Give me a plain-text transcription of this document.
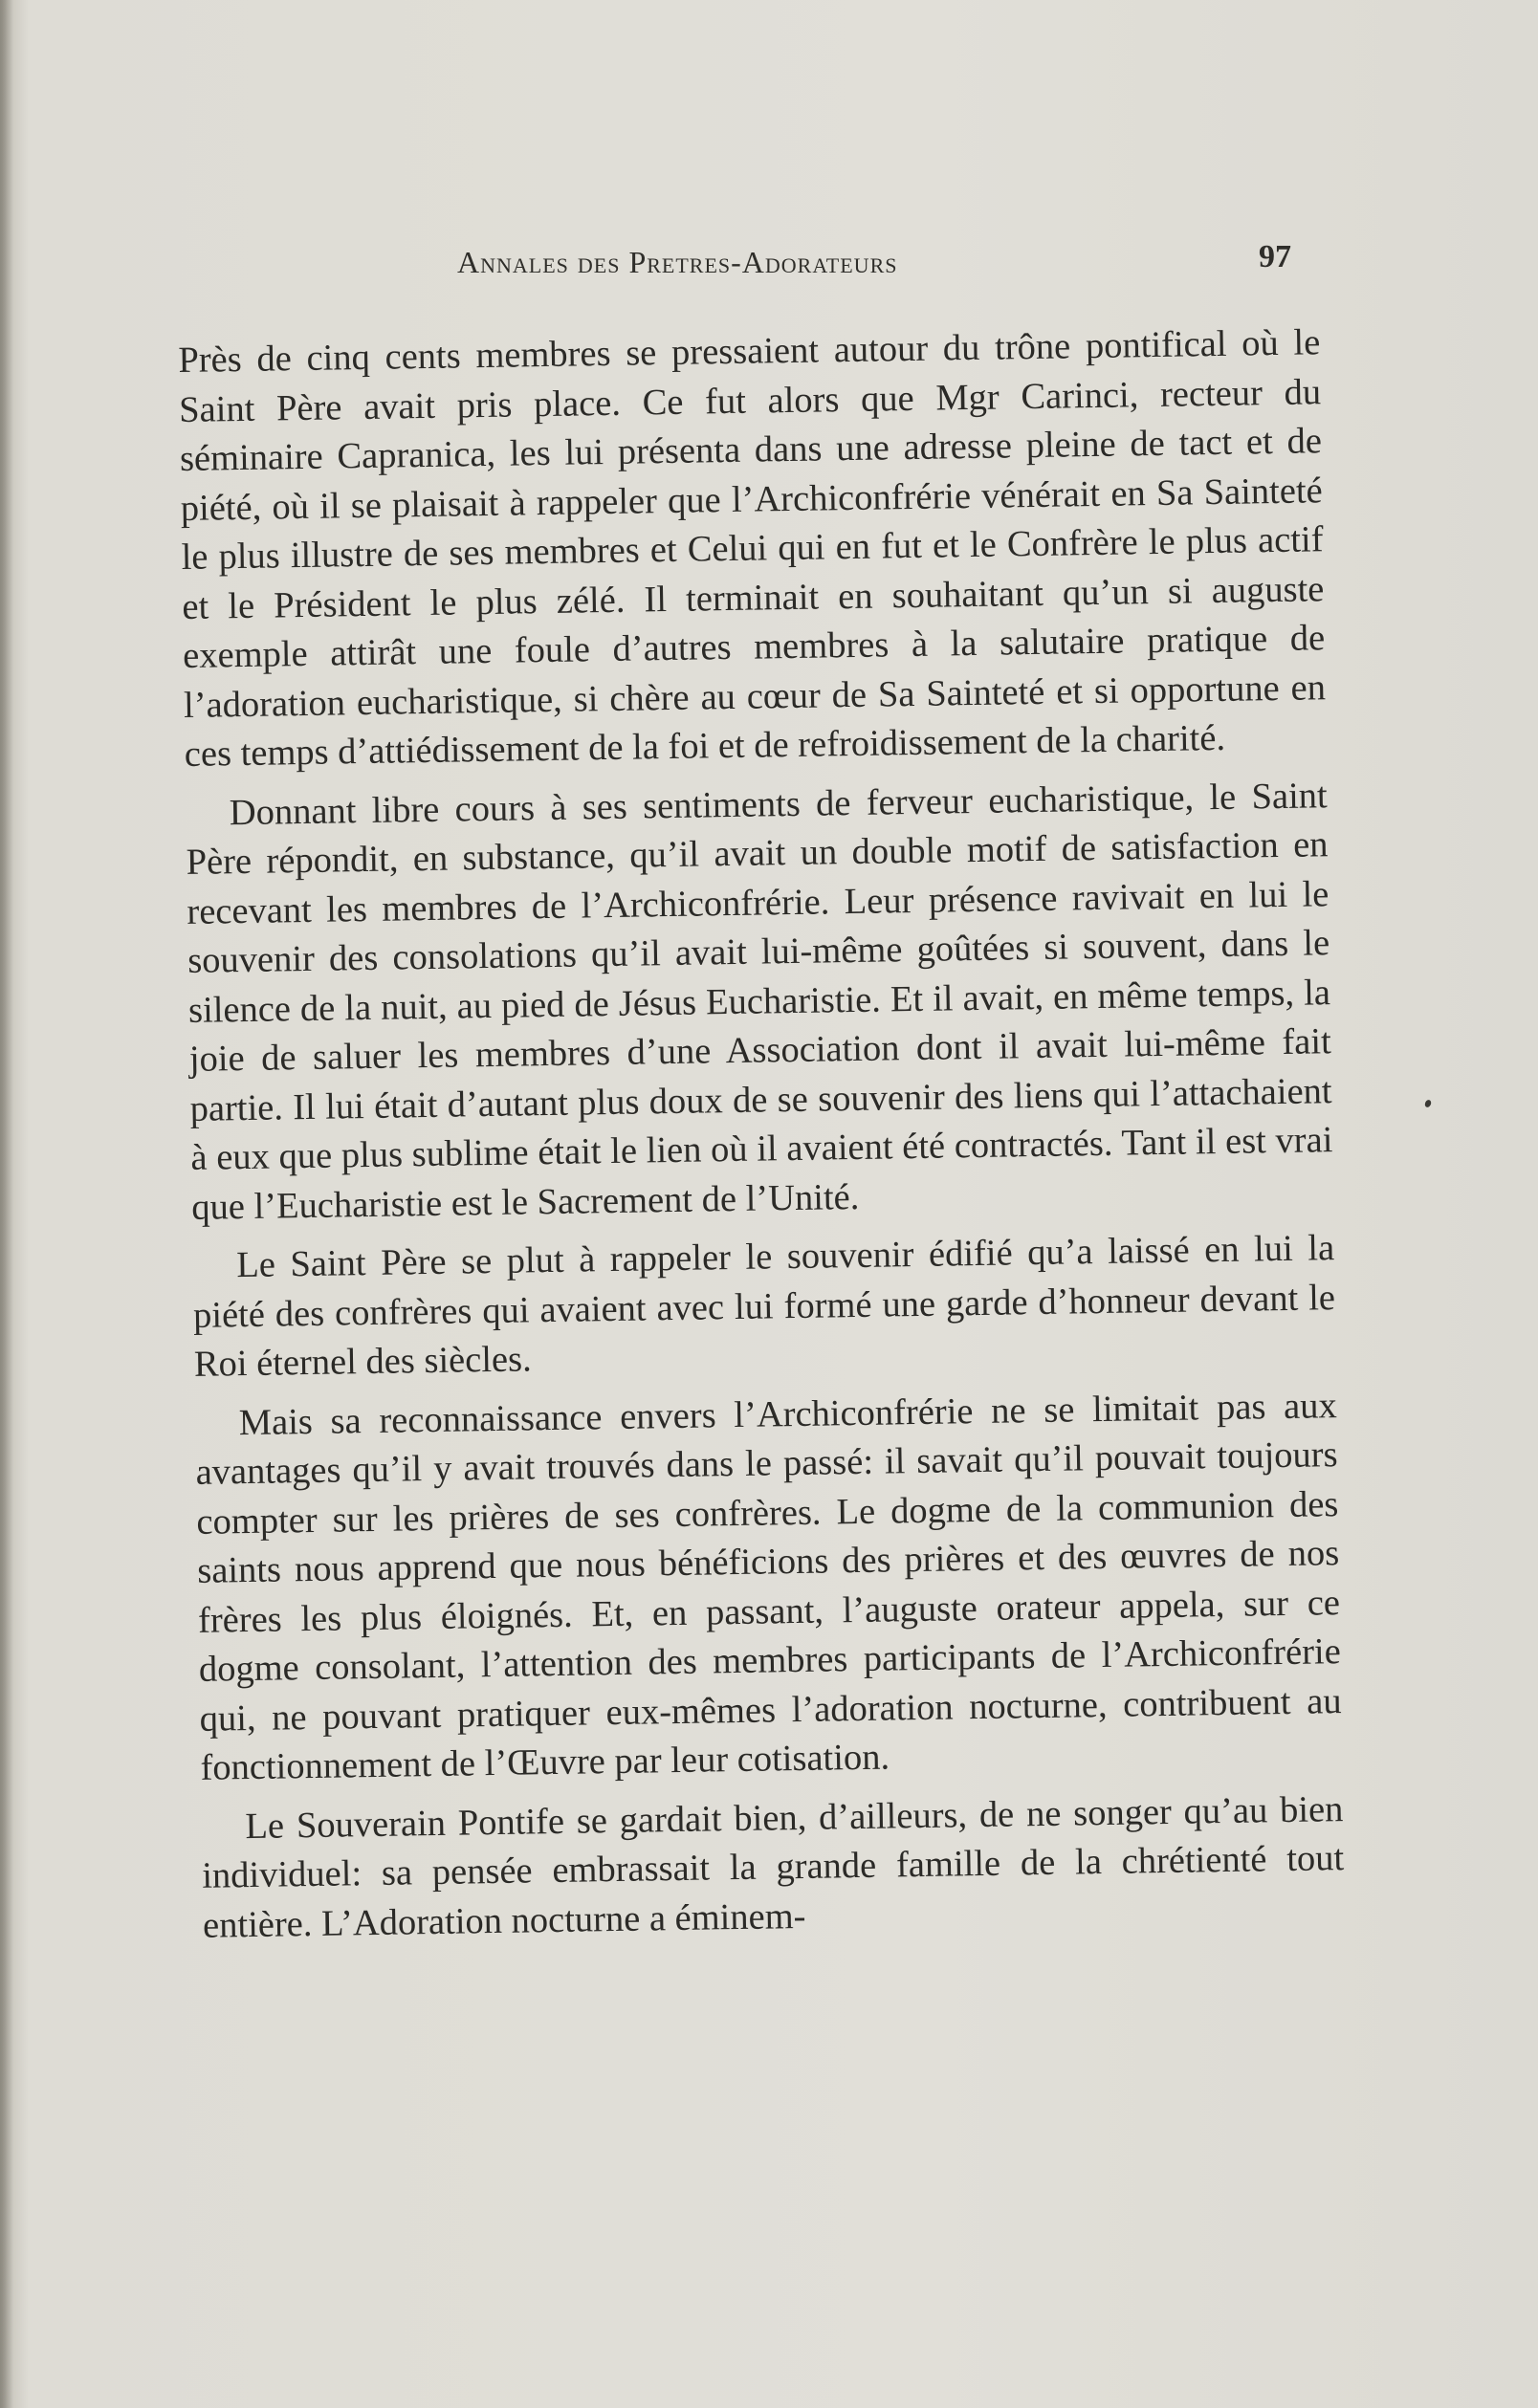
Annales des Pretres-Adorateurs	97

Près de cinq cents membres se pressaient autour du trône pontifical où le Saint Père avait pris place. Ce fut alors que Mgr Carinci, recteur du séminaire Capranica, les lui présenta dans une adresse pleine de tact et de piété, où il se plaisait à rappeler que l’Archiconfrérie vénérait en Sa Sainteté le plus illustre de ses membres et Celui qui en fut et le Confrère le plus actif et le Président le plus zélé. Il terminait en souhaitant qu’un si auguste exemple attirât une foule d’autres membres à la salutaire pratique de l’adoration eucharistique, si chère au cœur de Sa Sainteté et si opportune en ces temps d’attiédissement de la foi et de refroidissement de la charité.

Donnant libre cours à ses sentiments de ferveur eucharistique, le Saint Père répondit, en substance, qu’il avait un double motif de satisfaction en recevant les membres de l’Archiconfrérie. Leur présence ravivait en lui le souvenir des consolations qu’il avait lui-même goûtées si souvent, dans le silence de la nuit, au pied de Jésus Eucharistie. Et il avait, en même temps, la joie de saluer les membres d’une Association dont il avait lui-même fait partie. Il lui était d’autant plus doux de se souvenir des liens qui l’attachaient à eux que plus sublime était le lien où il avaient été contractés. Tant il est vrai que l’Eucharistie est le Sacrement de l’Unité.

Le Saint Père se plut à rappeler le souvenir édifié qu’a laissé en lui la piété des confrères qui avaient avec lui formé une garde d’honneur devant le Roi éternel des siècles.

Mais sa reconnaissance envers l’Archiconfrérie ne se limitait pas aux avantages qu’il y avait trouvés dans le passé: il savait qu’il pouvait toujours compter sur les prières de ses confrères. Le dogme de la communion des saints nous apprend que nous bénéficions des prières et des œuvres de nos frères les plus éloignés. Et, en passant, l’auguste orateur appela, sur ce dogme consolant, l’attention des membres participants de l’Archiconfrérie qui, ne pouvant pratiquer eux-mêmes l’adoration nocturne, contribuent au fonctionnement de l’Œuvre par leur cotisation.

Le Souverain Pontife se gardait bien, d’ailleurs, de ne songer qu’au bien individuel: sa pensée embrassait la grande famille de la chrétienté tout entière. L’Adoration nocturne a éminem-
